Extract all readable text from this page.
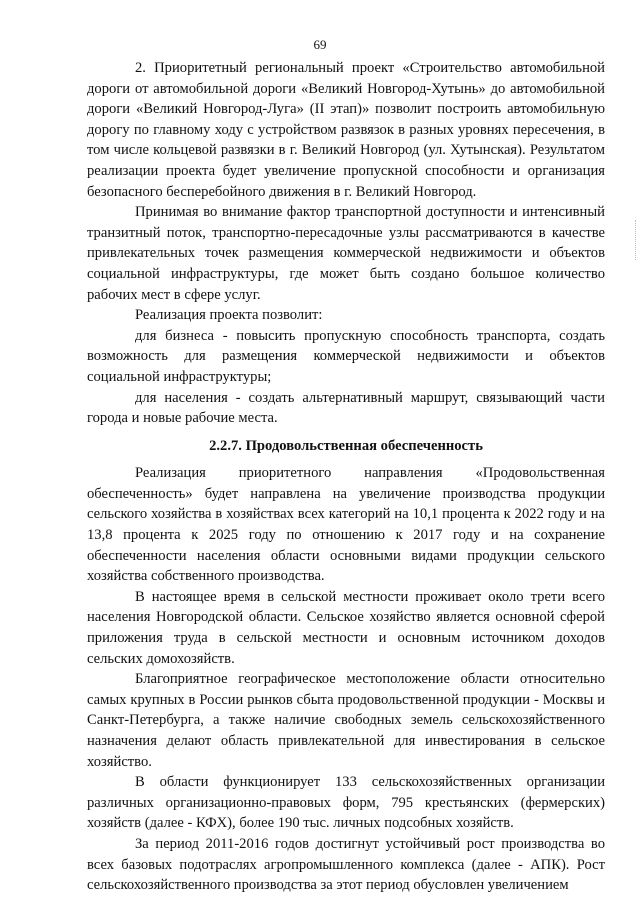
69

2. Приоритетный региональный проект «Строительство автомобильной дороги от автомобильной дороги «Великий Новгород-Хутынь» до автомобильной дороги «Великий Новгород-Луга» (II этап)» позволит построить автомобильную дорогу по главному ходу с устройством развязок в разных уровнях пересечения, в том числе кольцевой развязки в г. Великий Новгород (ул. Хутынская). Результатом реализации проекта будет увеличение пропускной способности и организация безопасного бесперебойного движения в г. Великий Новгород.

Принимая во внимание фактор транспортной доступности и интенсивный транзитный поток, транспортно-пересадочные узлы рассматриваются в качестве привлекательных точек размещения коммерческой недвижимости и объектов социальной инфраструктуры, где может быть создано большое количество рабочих мест в сфере услуг.

Реализация проекта позволит:

для бизнеса - повысить пропускную способность транспорта, создать возможность для размещения коммерческой недвижимости и объектов социальной инфраструктуры;

для населения - создать альтернативный маршрут, связывающий части города и новые рабочие места.

2.2.7. Продовольственная обеспеченность

Реализация приоритетного направления «Продовольственная обеспеченность» будет направлена на увеличение производства продукции сельского хозяйства в хозяйствах всех категорий на 10,1 процента к 2022 году и на 13,8 процента к 2025 году по отношению к 2017 году и на сохранение обеспеченности населения области основными видами продукции сельского хозяйства собственного производства.

В настоящее время в сельской местности проживает около трети всего населения Новгородской области. Сельское хозяйство является основной сферой приложения труда в сельской местности и основным источником доходов сельских домохозяйств.

Благоприятное географическое местоположение области относительно самых крупных в России рынков сбыта продовольственной продукции - Москвы и Санкт-Петербурга, а также наличие свободных земель сельскохозяйственного назначения делают область привлекательной для инвестирования в сельское хозяйство.

В области функционирует 133 сельскохозяйственных организации различных организационно-правовых форм, 795 крестьянских (фермерских) хозяйств (далее - КФХ), более 190 тыс. личных подсобных хозяйств.

За период 2011-2016 годов достигнут устойчивый рост производства во всех базовых подотраслях агропромышленного комплекса (далее - АПК). Рост сельскохозяйственного производства за этот период обусловлен увеличением
